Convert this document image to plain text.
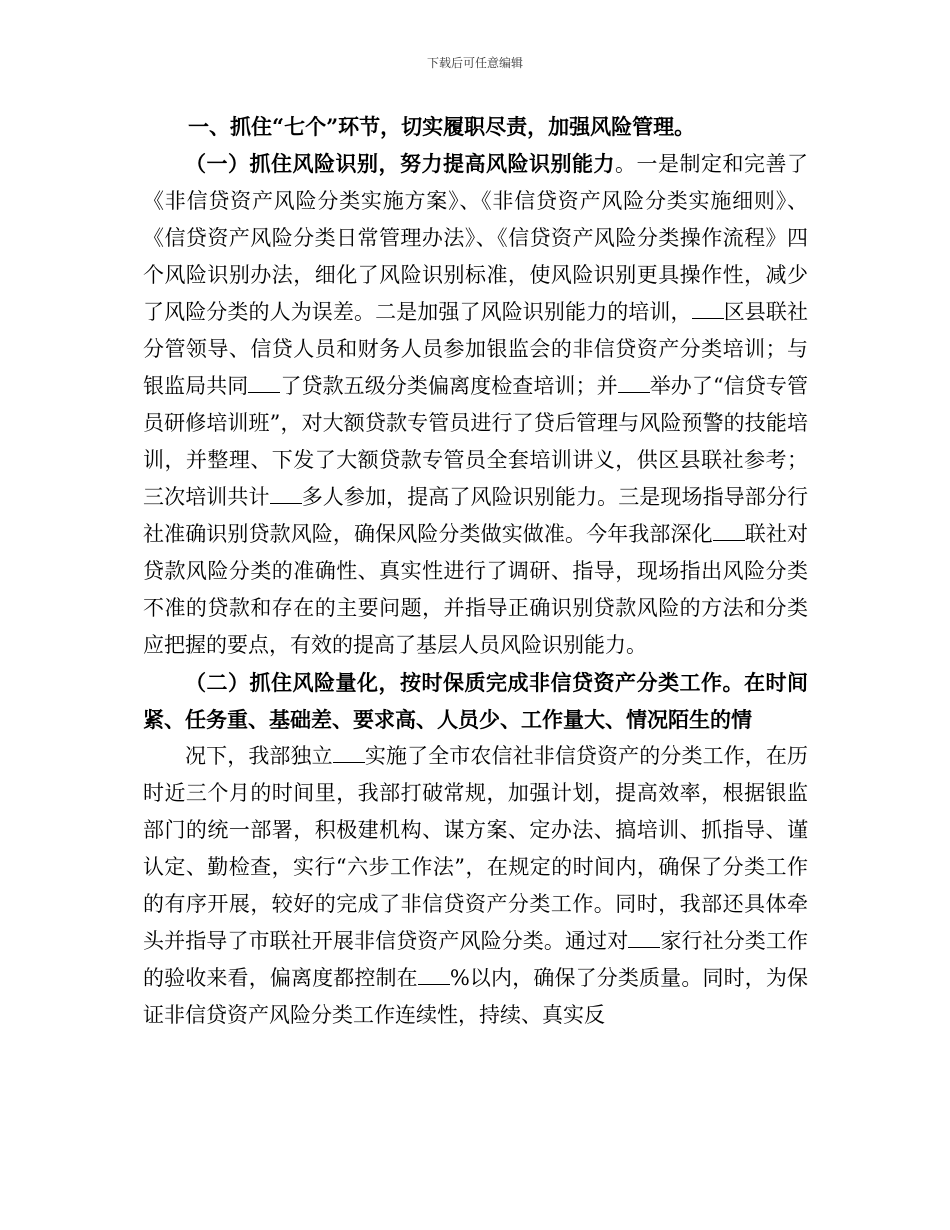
下载后可任意编辑

一、抓住“七个”环节，切实履职尽责，加强风险管理。

（一）抓住风险识别，努力提高风险识别能力。一是制定和完善了《非信贷资产风险分类实施方案》、《非信贷资产风险分类实施细则》、《信贷资产风险分类日常管理办法》、《信贷资产风险分类操作流程》四个风险识别办法，细化了风险识别标准，使风险识别更具操作性，减少了风险分类的人为误差。二是加强了风险识别能力的培训， 区县联社分管领导、信贷人员和财务人员参加银监会的非信贷资产分类培训；与银监局共同 了贷款五级分类偏离度检查培训；并 举办了“信贷专管员研修培训班”，对大额贷款专管员进行了贷后管理与风险预警的技能培训，并整理、下发了大额贷款专管员全套培训讲义，供区县联社参考；三次培训共计 多人参加，提高了风险识别能力。三是现场指导部分行社准确识别贷款风险，确保风险分类做实做准。今年我部深化 联社对贷款风险分类的准确性、真实性进行了调研、指导，现场指出风险分类不准的贷款和存在的主要问题，并指导正确识别贷款风险的方法和分类应把握的要点，有效的提高了基层人员风险识别能力。

（二）抓住风险量化，按时保质完成非信贷资产分类工作。在时间紧、任务重、基础差、要求高、人员少、工作量大、情况陌生的情

况下，我部独立 实施了全市农信社非信贷资产的分类工作，在历时近三个月的时间里，我部打破常规，加强计划，提高效率，根据银监部门的统一部署，积极建机构、谋方案、定办法、搞培训、抓指导、谨认定、勤检查，实行“六步工作法”，在规定的时间内，确保了分类工作的有序开展，较好的完成了非信贷资产分类工作。同时，我部还具体牵头并指导了市联社开展非信贷资产风险分类。通过对 家行社分类工作的验收来看，偏离度都控制在 %以内，确保了分类质量。同时，为保证非信贷资产风险分类工作连续性，持续、真实反
